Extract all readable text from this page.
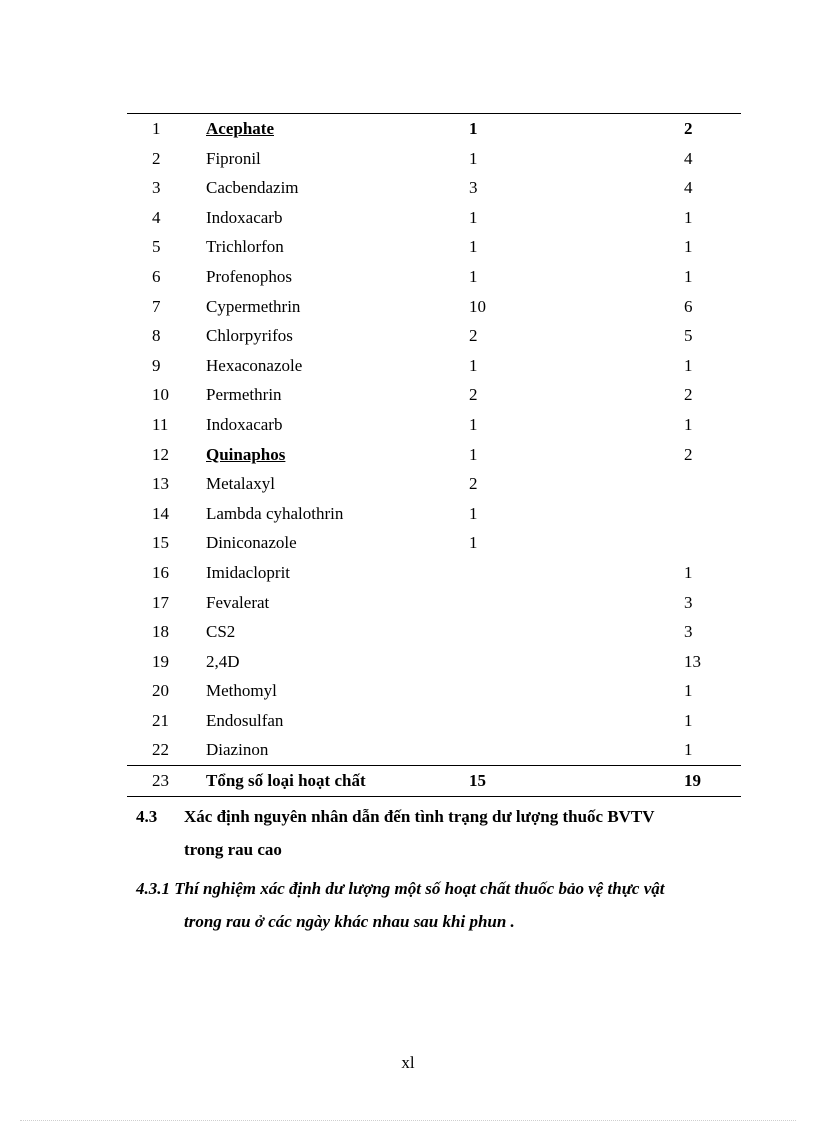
1	Acephate	1	2
2	Fipronil	1	4
3	Cacbendazim	3	4
4	Indoxacarb	1	1
5	Trichlorfon	1	1
6	Profenophos	1	1
7	Cypermethrin	10	6
8	Chlorpyrifos	2	5
9	Hexaconazole	1	1
10	Permethrin	2	2
11	Indoxacarb	1	1
12	Quinaphos	1	2
13	Metalaxyl	2	
14	Lambda cyhalothrin	1	
15	Diniconazole	1	
16	Imidacloprit		1
17	Fevalerat		3
18	CS2		3
19	2,4D		13
20	Methomyl		1
21	Endosulfan		1
22	Diazinon		1
23	Tổng số loại hoạt chất	15	19
4.3 Xác định nguyên nhân dẫn đến tình trạng dư lượng thuốc BVTV
trong rau cao
4.3.1 Thí nghiệm xác định dư lượng một số hoạt chất thuốc bảo vệ thực vật
trong rau ở các ngày khác nhau sau khi phun .
xl
